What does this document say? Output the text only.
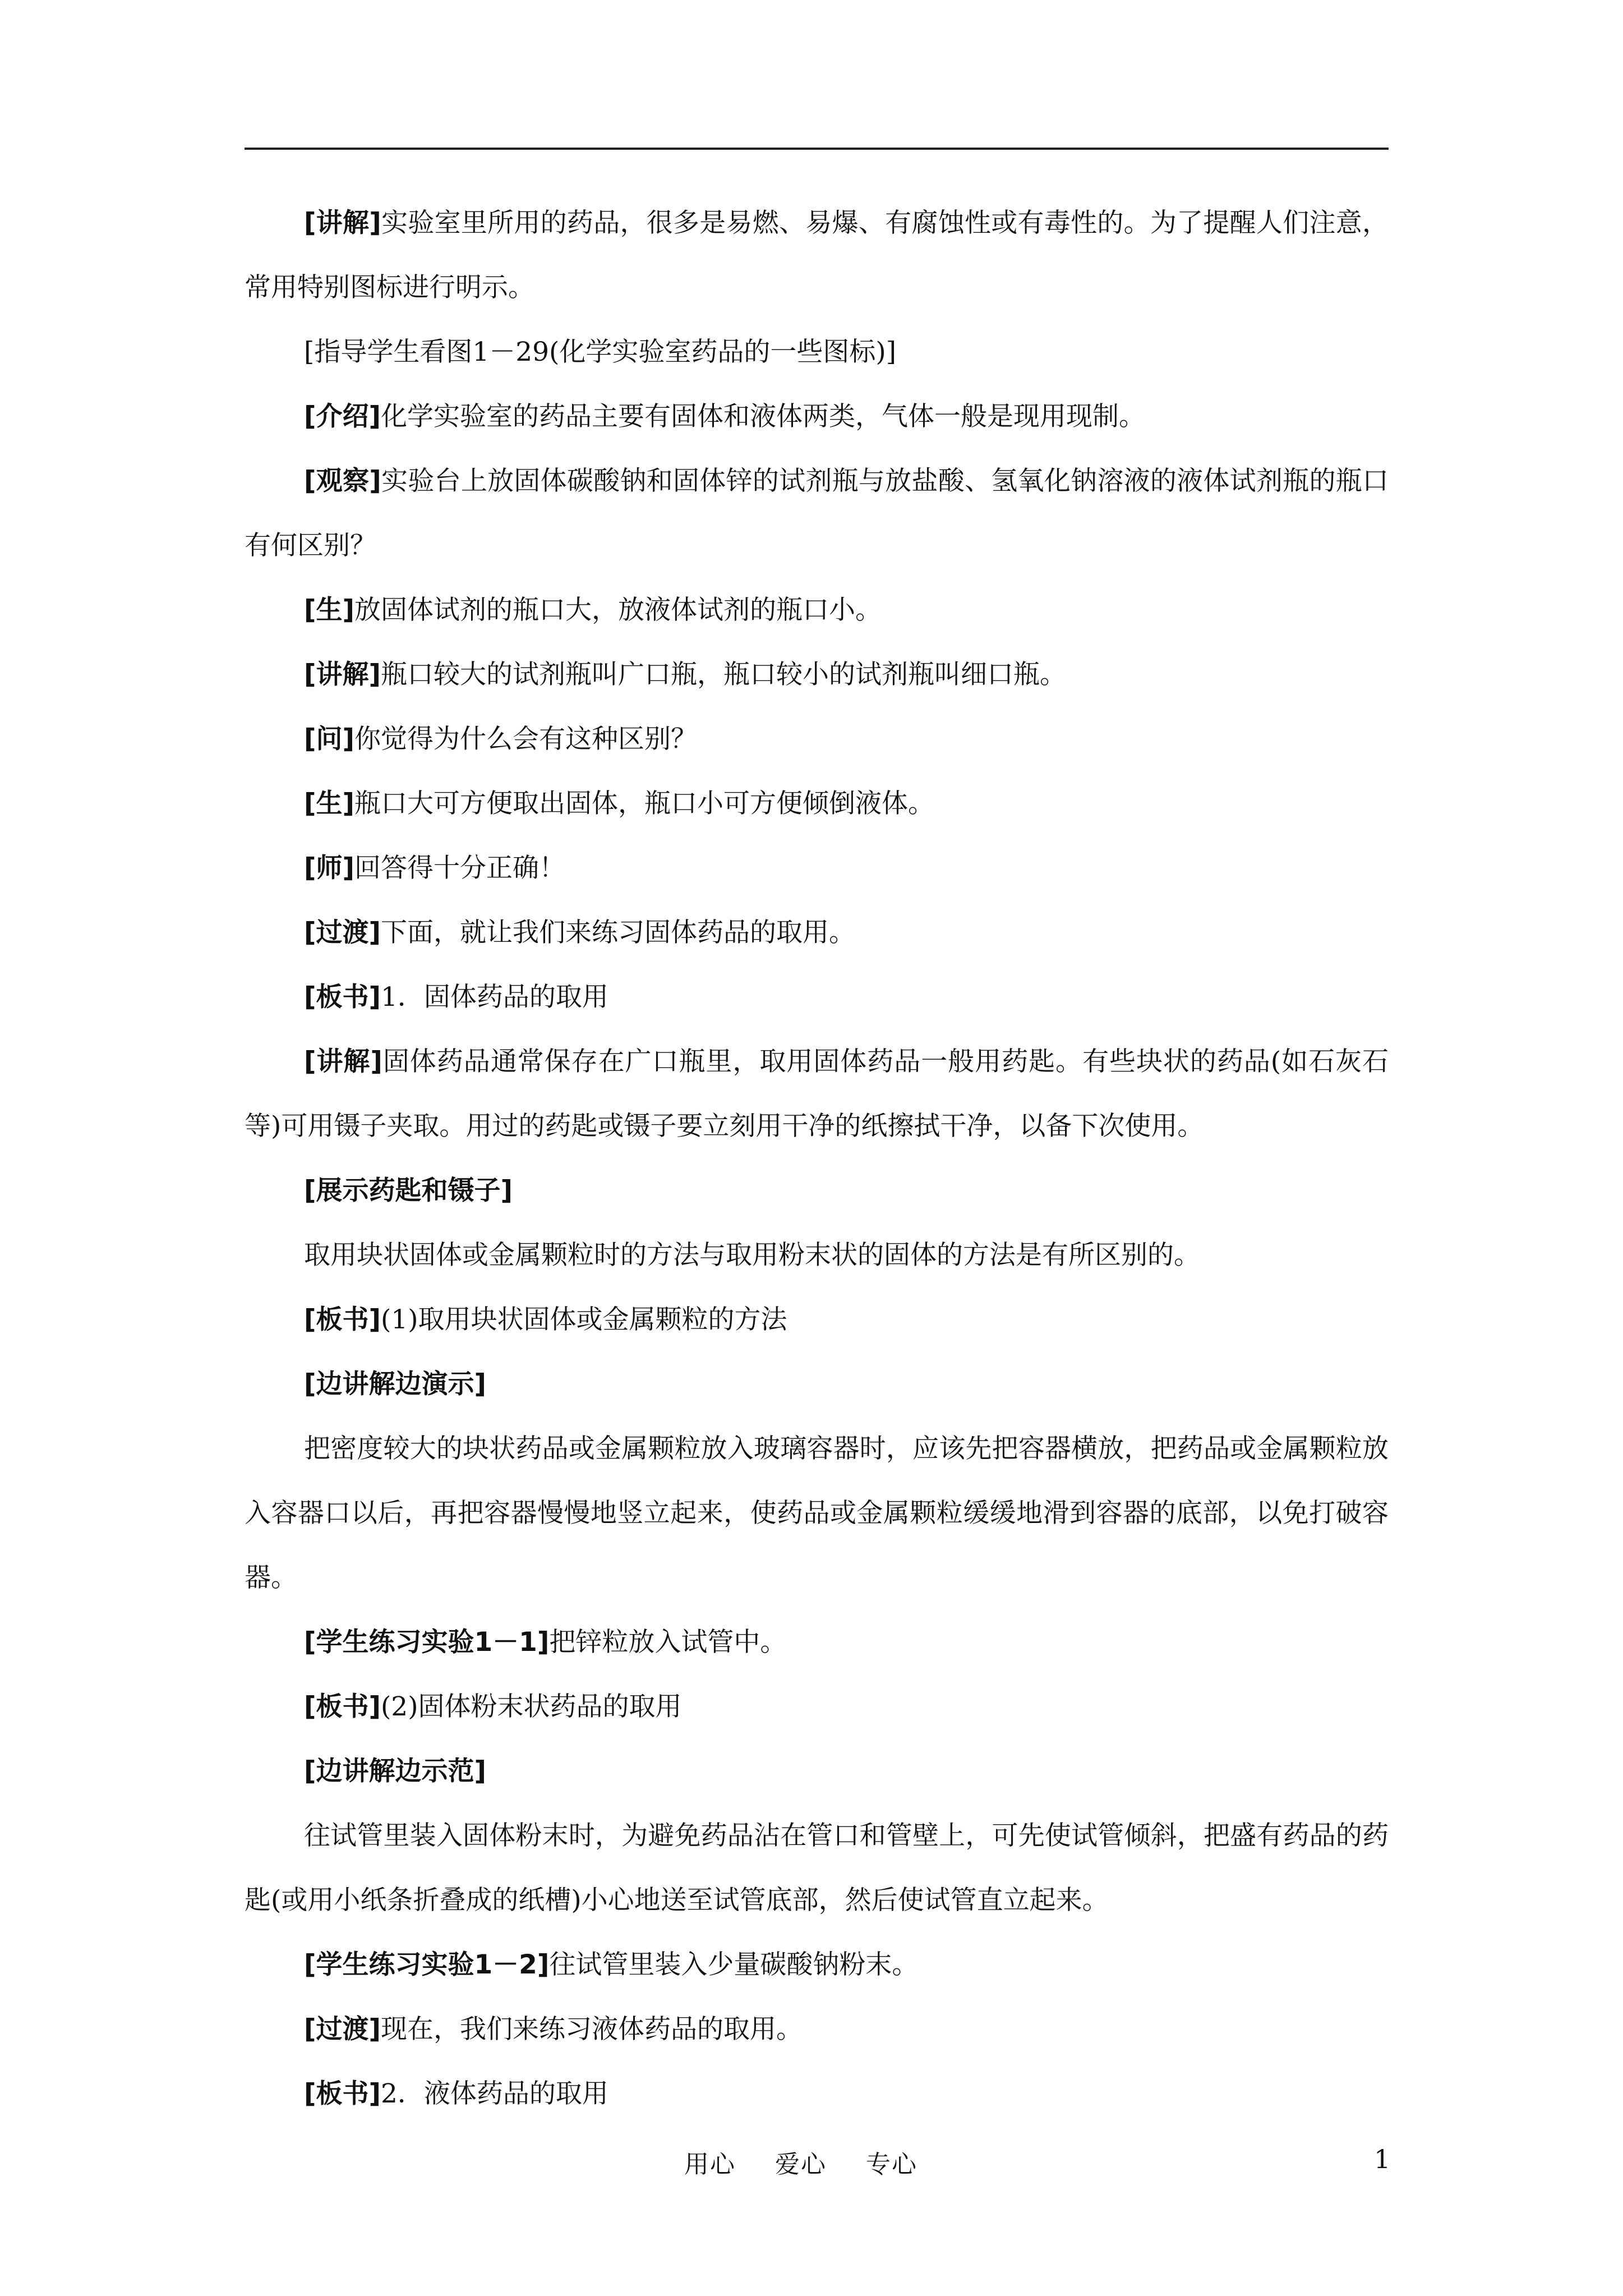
[讲解]实验室里所用的药品，很多是易燃、易爆、有腐蚀性或有毒性的。为了提醒人们注意，常用特别图标进行明示。

[指导学生看图1－29(化学实验室药品的一些图标)]

[介绍]化学实验室的药品主要有固体和液体两类，气体一般是现用现制。

[观察]实验台上放固体碳酸钠和固体锌的试剂瓶与放盐酸、氢氧化钠溶液的液体试剂瓶的瓶口有何区别？

[生]放固体试剂的瓶口大，放液体试剂的瓶口小。

[讲解]瓶口较大的试剂瓶叫广口瓶，瓶口较小的试剂瓶叫细口瓶。

[问]你觉得为什么会有这种区别？

[生]瓶口大可方便取出固体，瓶口小可方便倾倒液体。

[师]回答得十分正确！

[过渡]下面，就让我们来练习固体药品的取用。

[板书]1．固体药品的取用

[讲解]固体药品通常保存在广口瓶里，取用固体药品一般用药匙。有些块状的药品(如石灰石等)可用镊子夹取。用过的药匙或镊子要立刻用干净的纸擦拭干净，以备下次使用。

[展示药匙和镊子]

取用块状固体或金属颗粒时的方法与取用粉末状的固体的方法是有所区别的。

[板书](1)取用块状固体或金属颗粒的方法

[边讲解边演示]

把密度较大的块状药品或金属颗粒放入玻璃容器时，应该先把容器横放，把药品或金属颗粒放入容器口以后，再把容器慢慢地竖立起来，使药品或金属颗粒缓缓地滑到容器的底部，以免打破容器。

[学生练习实验1－1]把锌粒放入试管中。

[板书](2)固体粉末状药品的取用

[边讲解边示范]

往试管里装入固体粉末时，为避免药品沾在管口和管壁上，可先使试管倾斜，把盛有药品的药匙(或用小纸条折叠成的纸槽)小心地送至试管底部，然后使试管直立起来。

[学生练习实验1－2]往试管里装入少量碳酸钠粉末。

[过渡]现在，我们来练习液体药品的取用。

[板书]2．液体药品的取用

用心 爱心 专心	1
